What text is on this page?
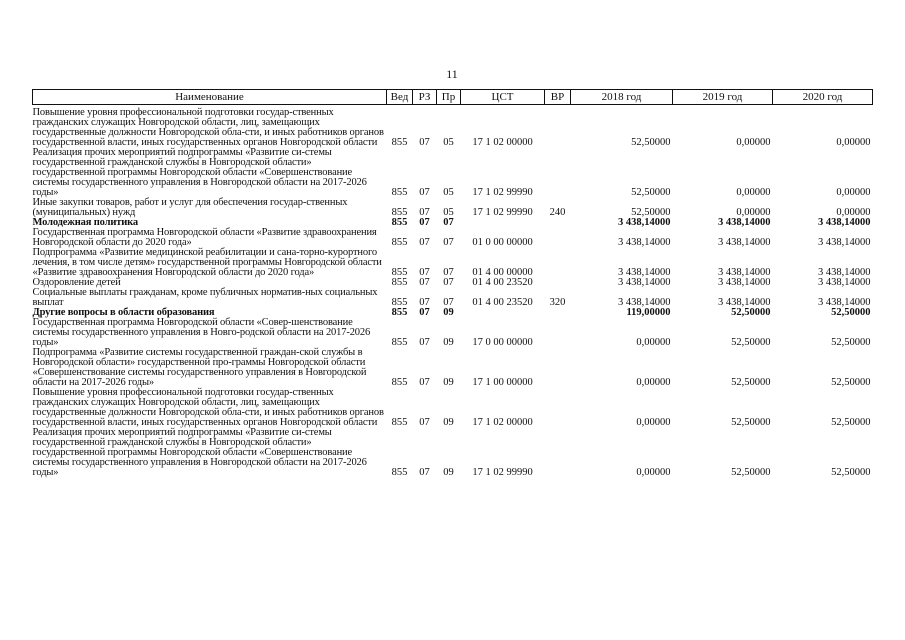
11
Наименование	Вед	РЗ	Пр	ЦСТ	ВР	2018 год	2019 год	2020 год
Повышение уровня профессиональной подготовки государ-ственных гражданских служащих Новгородской области, лиц, замещающих государственные должности Новгородской обла-сти, и иных работников органов государственной власти, иных государственных органов Новгородской области	855	07	05	17 1 02 00000		52,50000	0,00000	0,00000
Реализация прочих мероприятий подпрограммы «Развитие си-стемы государственной гражданской службы в Новгородской области» государственной программы Новгородской области «Совершенствование системы государственного управления в Новгородской области на 2017-2026 годы»	855	07	05	17 1 02 99990		52,50000	0,00000	0,00000
Иные закупки товаров, работ и услуг для обеспечения государ-ственных (муниципальных) нужд	855	07	05	17 1 02 99990	240	52,50000	0,00000	0,00000
Молодежная политика	855	07	07			3 438,14000	3 438,14000	3 438,14000
Государственная программа Новгородской области «Развитие здравоохранения Новгородской области до 2020 года»	855	07	07	01 0 00 00000		3 438,14000	3 438,14000	3 438,14000
Подпрограмма «Развитие медицинской реабилитации и сана-торно-курортного лечения, в том числе детям» государственной программы Новгородской области «Развитие здравоохранения Новгородской области до 2020 года»	855	07	07	01 4 00 00000		3 438,14000	3 438,14000	3 438,14000
Оздоровление детей	855	07	07	01 4 00 23520		3 438,14000	3 438,14000	3 438,14000
Социальные выплаты гражданам, кроме публичных норматив-ных социальных выплат	855	07	07	01 4 00 23520	320	3 438,14000	3 438,14000	3 438,14000
Другие вопросы в области образования	855	07	09			119,00000	52,50000	52,50000
Государственная программа Новгородской области «Совер-шенствование системы государственного управления в Новго-родской области на 2017-2026 годы»	855	07	09	17 0 00 00000		0,00000	52,50000	52,50000
Подпрограмма «Развитие системы государственной граждан-ской службы в Новгородской области» государственной про-граммы Новгородской области «Совершенствование системы государственного управления в Новгородской области на 2017-2026 годы»	855	07	09	17 1 00 00000		0,00000	52,50000	52,50000
Повышение уровня профессиональной подготовки государ-ственных гражданских служащих Новгородской области, лиц, замещающих государственные должности Новгородской обла-сти, и иных работников органов государственной власти, иных государственных органов Новгородской области	855	07	09	17 1 02 00000		0,00000	52,50000	52,50000
Реализация прочих мероприятий подпрограммы «Развитие си-стемы государственной гражданской службы в Новгородской области» государственной программы Новгородской области «Совершенствование системы государственного управления в Новгородской области на 2017-2026 годы»	855	07	09	17 1 02 99990		0,00000	52,50000	52,50000
